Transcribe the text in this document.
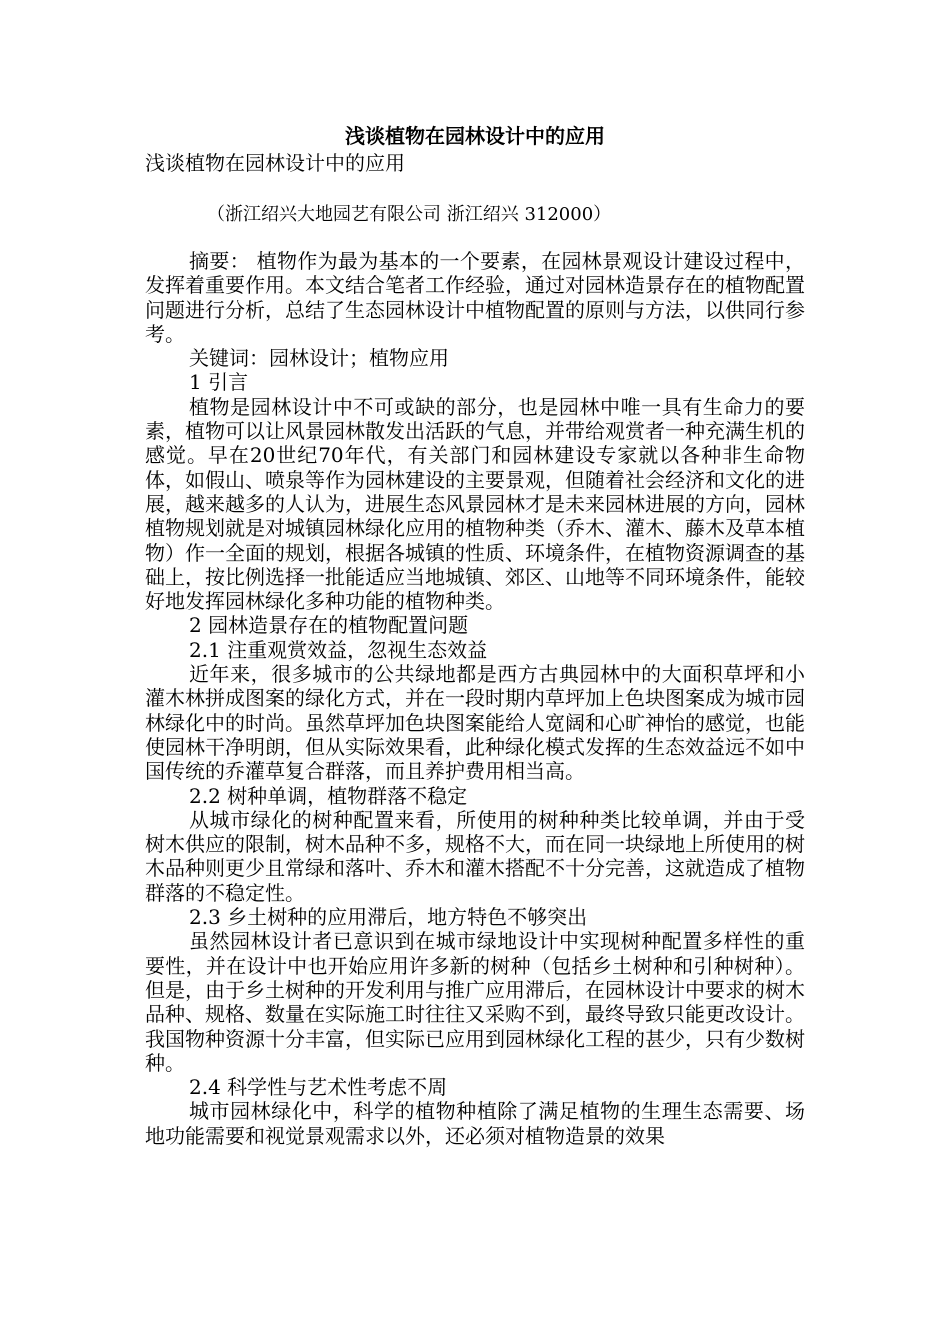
浅谈植物在园林设计中的应用
浅谈植物在园林设计中的应用
（浙江绍兴大地园艺有限公司 浙江绍兴 312000）

摘要： 植物作为最为基本的一个要素，在园林景观设计建设过程中，发挥着重要作用。本文结合笔者工作经验，通过对园林造景存在的植物配置问题进行分析，总结了生态园林设计中植物配置的原则与方法，以供同行参考。

关键词：园林设计；植物应用

1 引言

植物是园林设计中不可或缺的部分，也是园林中唯一具有生命力的要素，植物可以让风景园林散发出活跃的气息，并带给观赏者一种充满生机的感觉。早在20世纪70年代，有关部门和园林建设专家就以各种非生命物体，如假山、喷泉等作为园林建设的主要景观，但随着社会经济和文化的进展，越来越多的人认为，进展生态风景园林才是未来园林进展的方向，园林植物规划就是对城镇园林绿化应用的植物种类（乔木、灌木、藤木及草本植物）作一全面的规划，根据各城镇的性质、环境条件，在植物资源调查的基础上，按比例选择一批能适应当地城镇、郊区、山地等不同环境条件，能较好地发挥园林绿化多种功能的植物种类。

2 园林造景存在的植物配置问题

2.1 注重观赏效益，忽视生态效益

近年来，很多城市的公共绿地都是西方古典园林中的大面积草坪和小灌木林拼成图案的绿化方式，并在一段时期内草坪加上色块图案成为城市园林绿化中的时尚。虽然草坪加色块图案能给人宽阔和心旷神怡的感觉，也能使园林干净明朗，但从实际效果看，此种绿化模式发挥的生态效益远不如中国传统的乔灌草复合群落，而且养护费用相当高。

2.2 树种单调，植物群落不稳定

从城市绿化的树种配置来看，所使用的树种种类比较单调，并由于受树木供应的限制，树木品种不多，规格不大，而在同一块绿地上所使用的树木品种则更少且常绿和落叶、乔木和灌木搭配不十分完善，这就造成了植物群落的不稳定性。

2.3 乡土树种的应用滞后，地方特色不够突出

虽然园林设计者已意识到在城市绿地设计中实现树种配置多样性的重要性，并在设计中也开始应用许多新的树种（包括乡土树种和引种树种）。但是，由于乡土树种的开发利用与推广应用滞后，在园林设计中要求的树木品种、规格、数量在实际施工时往往又采购不到，最终导致只能更改设计。我国物种资源十分丰富，但实际已应用到园林绿化工程的甚少，只有少数树种。

2.4 科学性与艺术性考虑不周

城市园林绿化中，科学的植物种植除了满足植物的生理生态需要、场地功能需要和视觉景观需求以外，还必须对植物造景的效果
